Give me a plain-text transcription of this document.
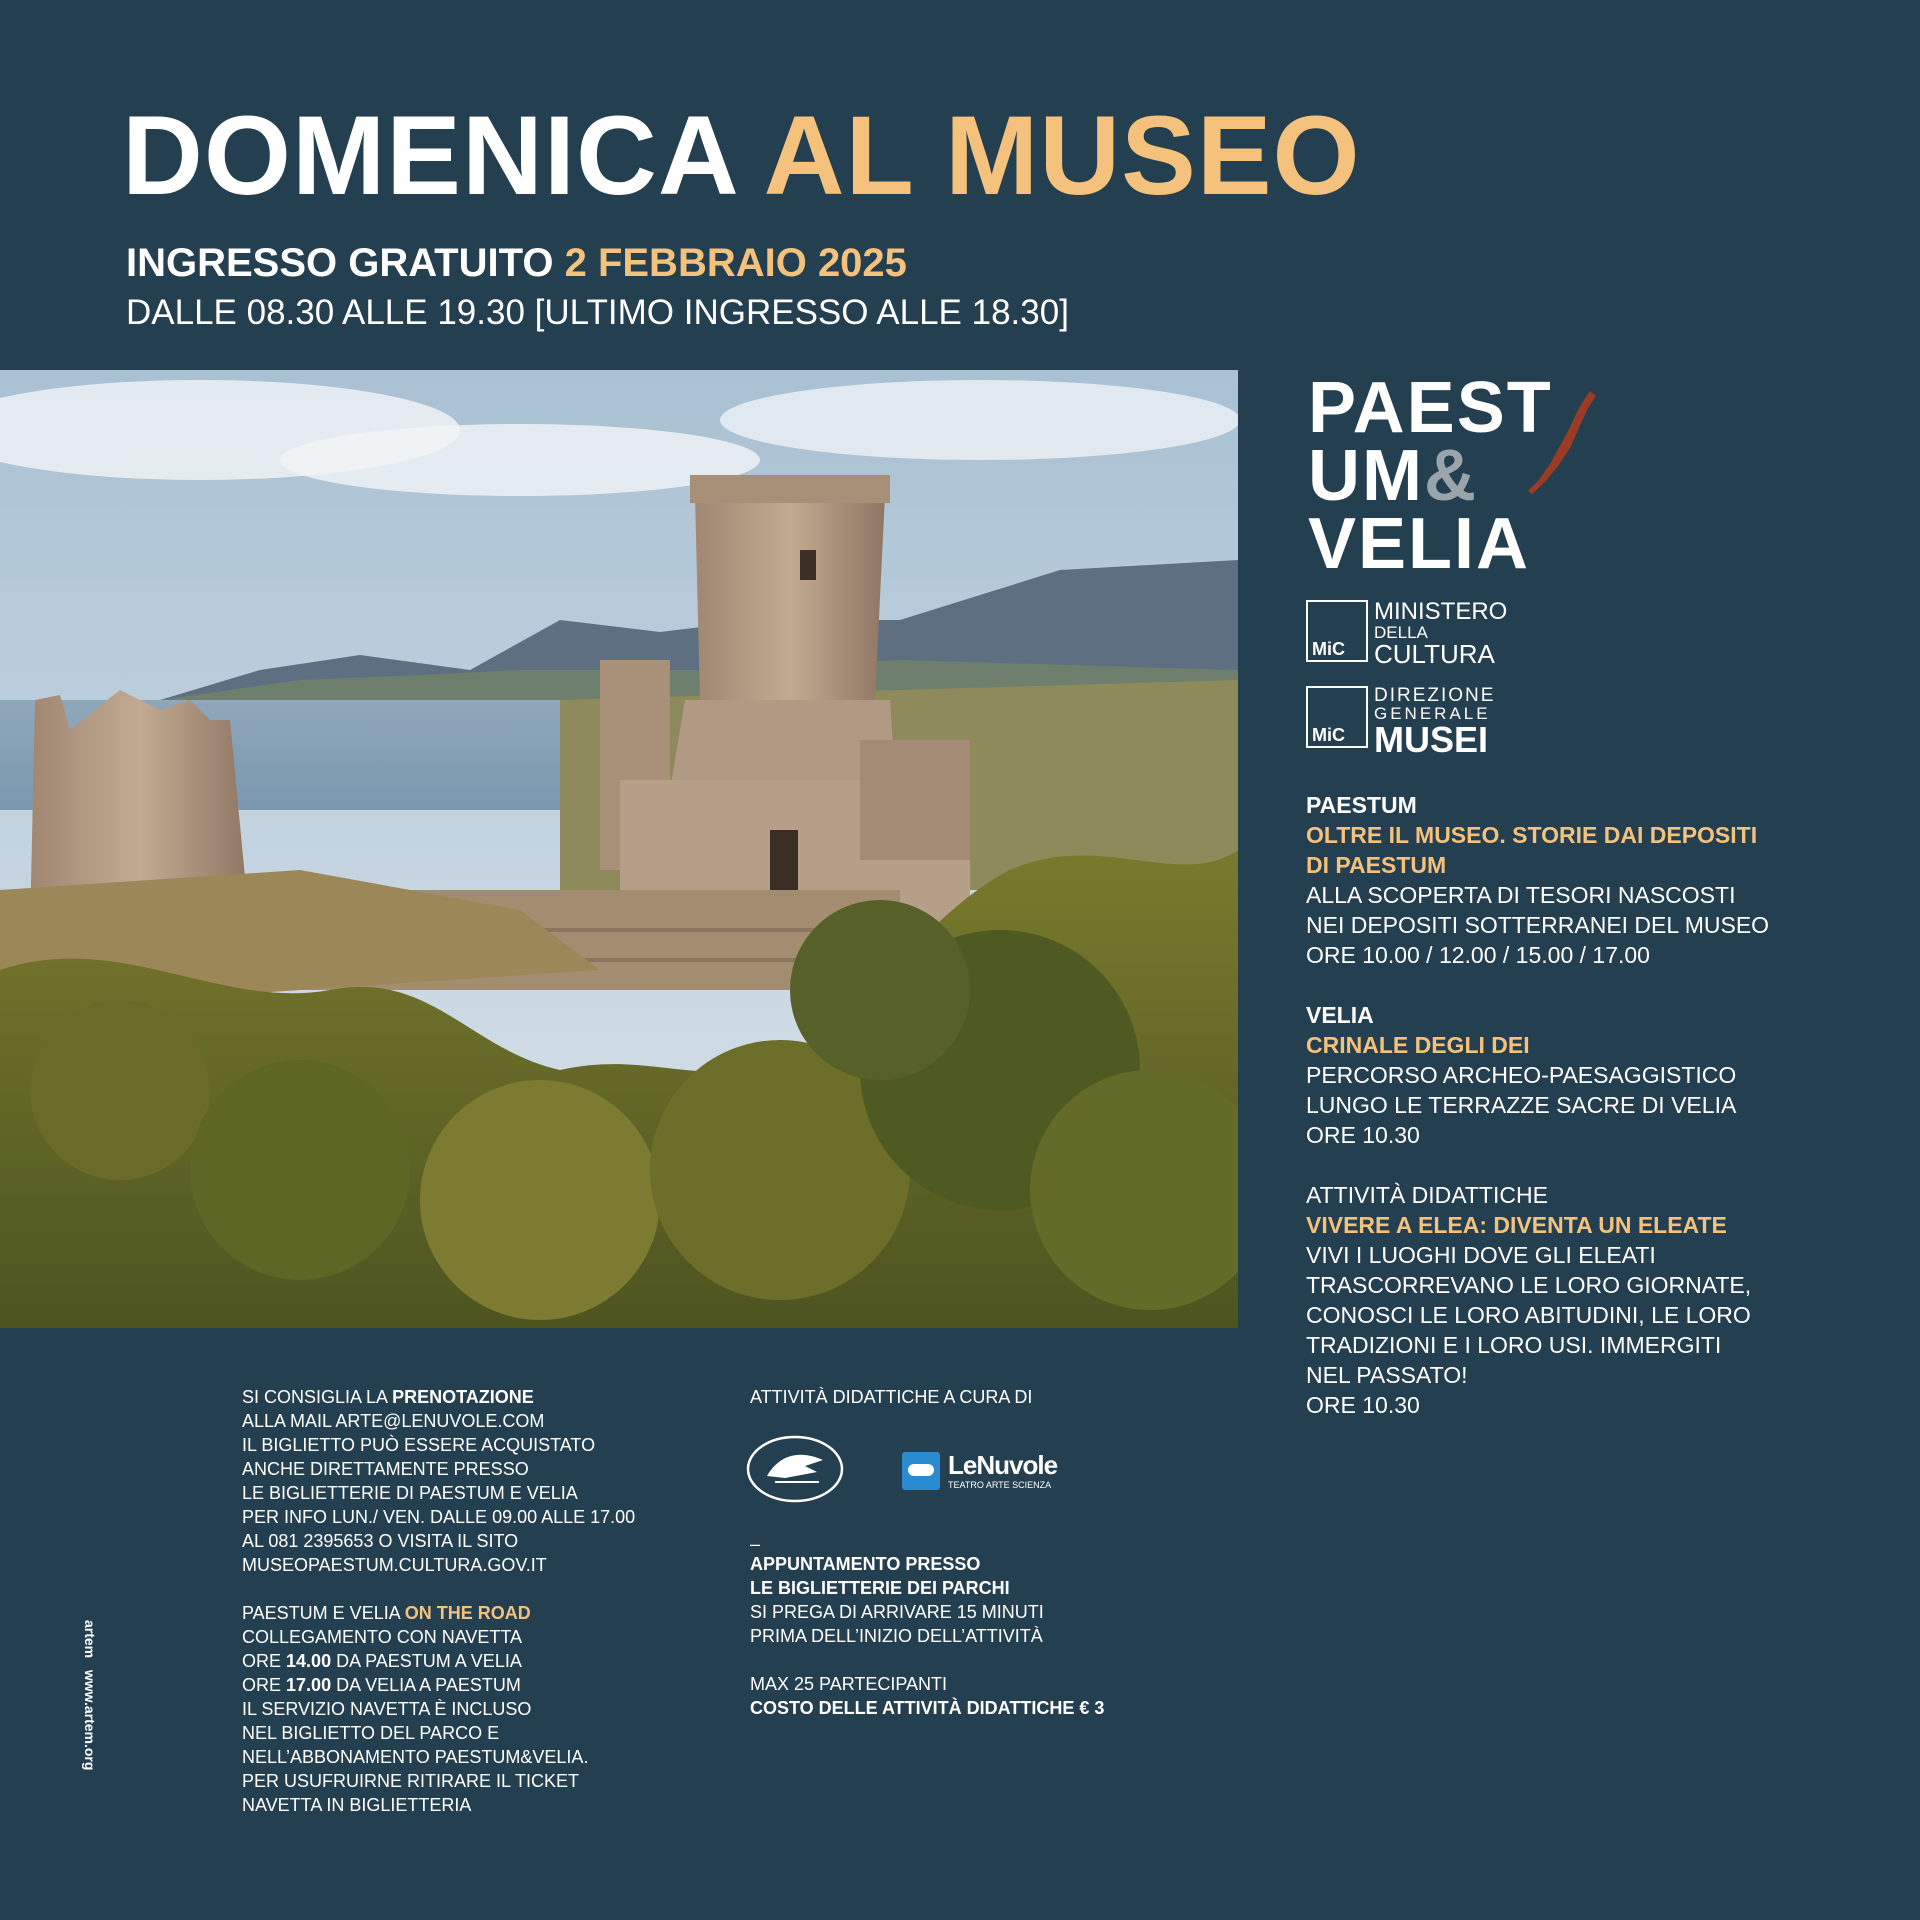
DOMENICA AL MUSEO
INGRESSO GRATUITO 2 FEBBRAIO 2025
DALLE 08.30 ALLE 19.30 [ULTIMO INGRESSO ALLE 18.30]
PAEST
UM&
VELIA
MiC
MINISTERO
DELLA
CULTURA
MiC
DIREZIONE
GENERALE
MUSEI

PAESTUM

OLTRE IL MUSEO. STORIE DAI DEPOSITI

DI PAESTUM

ALLA SCOPERTA DI TESORI NASCOSTI

NEI DEPOSITI SOTTERRANEI DEL MUSEO

ORE 10.00 / 12.00 / 15.00 / 17.00

VELIA

CRINALE DEGLI DEI

PERCORSO ARCHEO-PAESAGGISTICO

LUNGO LE TERRAZZE SACRE DI VELIA

ORE 10.30

ATTIVITÀ DIDATTICHE

VIVERE A ELEA: DIVENTA UN ELEATE

VIVI I LUOGHI DOVE GLI ELEATI

TRASCORREVANO LE LORO GIORNATE,

CONOSCI LE LORO ABITUDINI, LE LORO

TRADIZIONI E I LORO USI. IMMERGITI

NEL PASSATO!

ORE 10.30

SI CONSIGLIA LA PRENOTAZIONE

ALLA MAIL ARTE@LENUVOLE.COM

IL BIGLIETTO PUÒ ESSERE ACQUISTATO

ANCHE DIRETTAMENTE PRESSO

LE BIGLIETTERIE DI PAESTUM E VELIA

PER INFO LUN./ VEN. DALLE 09.00 ALLE 17.00

AL 081 2395653 O VISITA IL SITO

MUSEOPAESTUM.CULTURA.GOV.IT

PAESTUM E VELIA ON THE ROAD

COLLEGAMENTO CON NAVETTA

ORE 14.00 DA PAESTUM A VELIA

ORE 17.00 DA VELIA A PAESTUM

IL SERVIZIO NAVETTA È INCLUSO

NEL BIGLIETTO DEL PARCO E

NELL’ABBONAMENTO PAESTUM&VELIA.

PER USUFRUIRNE RITIRARE IL TICKET

NAVETTA IN BIGLIETTERIA

ATTIVITÀ DIDATTICHE A CURA DI

LeNuvole
TEATRO ARTE SCIENZA
–

APPUNTAMENTO PRESSO

LE BIGLIETTERIE DEI PARCHI

SI PREGA DI ARRIVARE 15 MINUTI

PRIMA DELL’INIZIO DELL’ATTIVITÀ

MAX 25 PARTECIPANTI

COSTO DELLE ATTIVITÀ DIDATTICHE € 3

artem   www.artem.org
